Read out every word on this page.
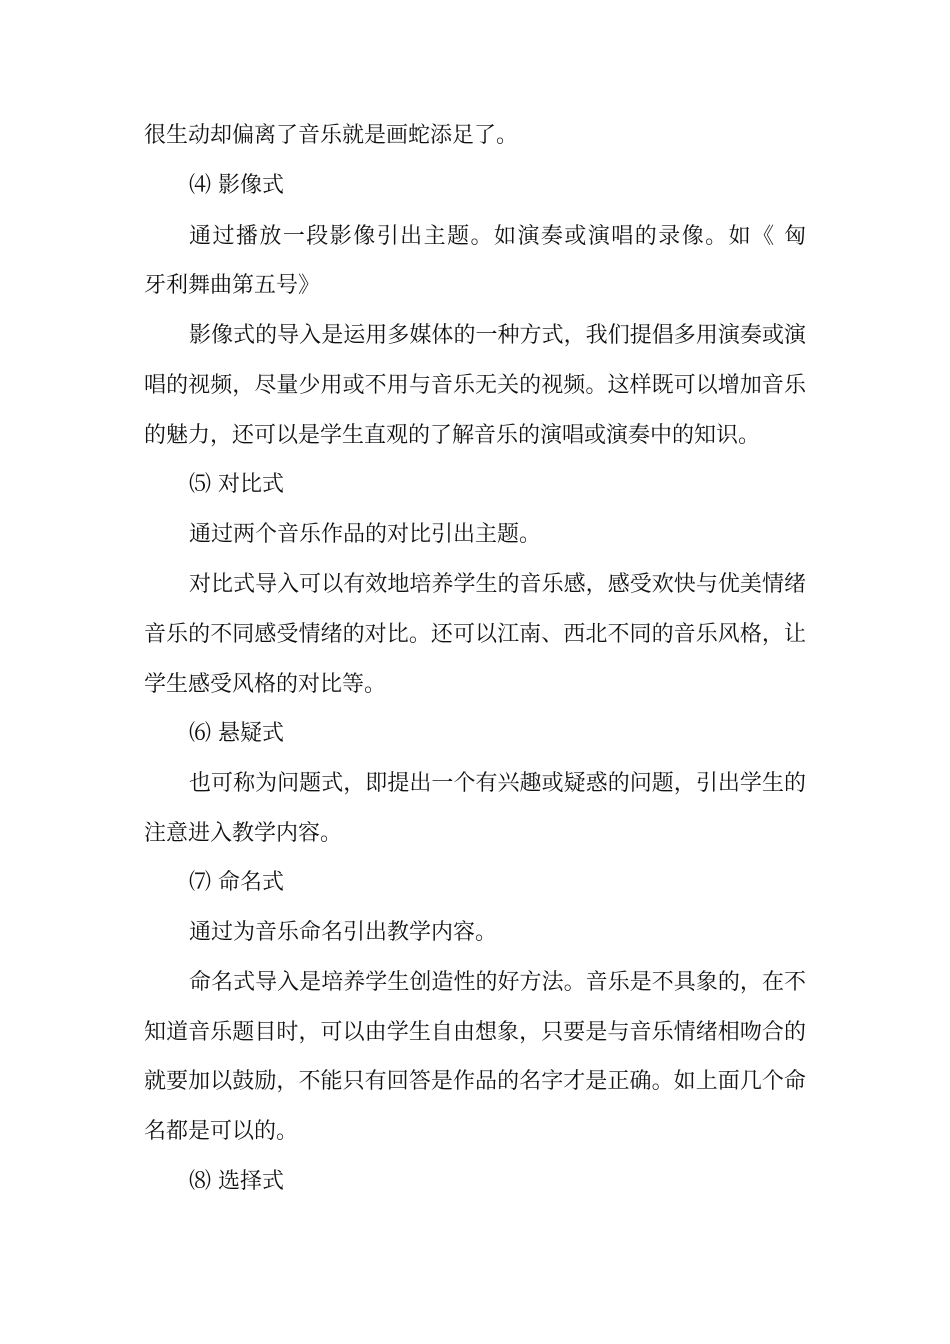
很生动却偏离了音乐就是画蛇添足了。
⑷ 影像式
通过播放一段影像引出主题。如演奏或演唱的录像。如《 匈
牙利舞曲第五号》
影像式的导入是运用多媒体的一种方式，我们提倡多用演奏或演
唱的视频，尽量少用或不用与音乐无关的视频。这样既可以增加音乐
的魅力，还可以是学生直观的了解音乐的演唱或演奏中的知识。
⑸ 对比式
通过两个音乐作品的对比引出主题。
对比式导入可以有效地培养学生的音乐感，感受欢快与优美情绪
音乐的不同感受情绪的对比。还可以江南、西北不同的音乐风格，让
学生感受风格的对比等。
⑹ 悬疑式
也可称为问题式，即提出一个有兴趣或疑惑的问题，引出学生的
注意进入教学内容。
⑺ 命名式
通过为音乐命名引出教学内容。
命名式导入是培养学生创造性的好方法。音乐是不具象的，在不
知道音乐题目时，可以由学生自由想象，只要是与音乐情绪相吻合的
就要加以鼓励，不能只有回答是作品的名字才是正确。如上面几个命
名都是可以的。
⑻ 选择式
